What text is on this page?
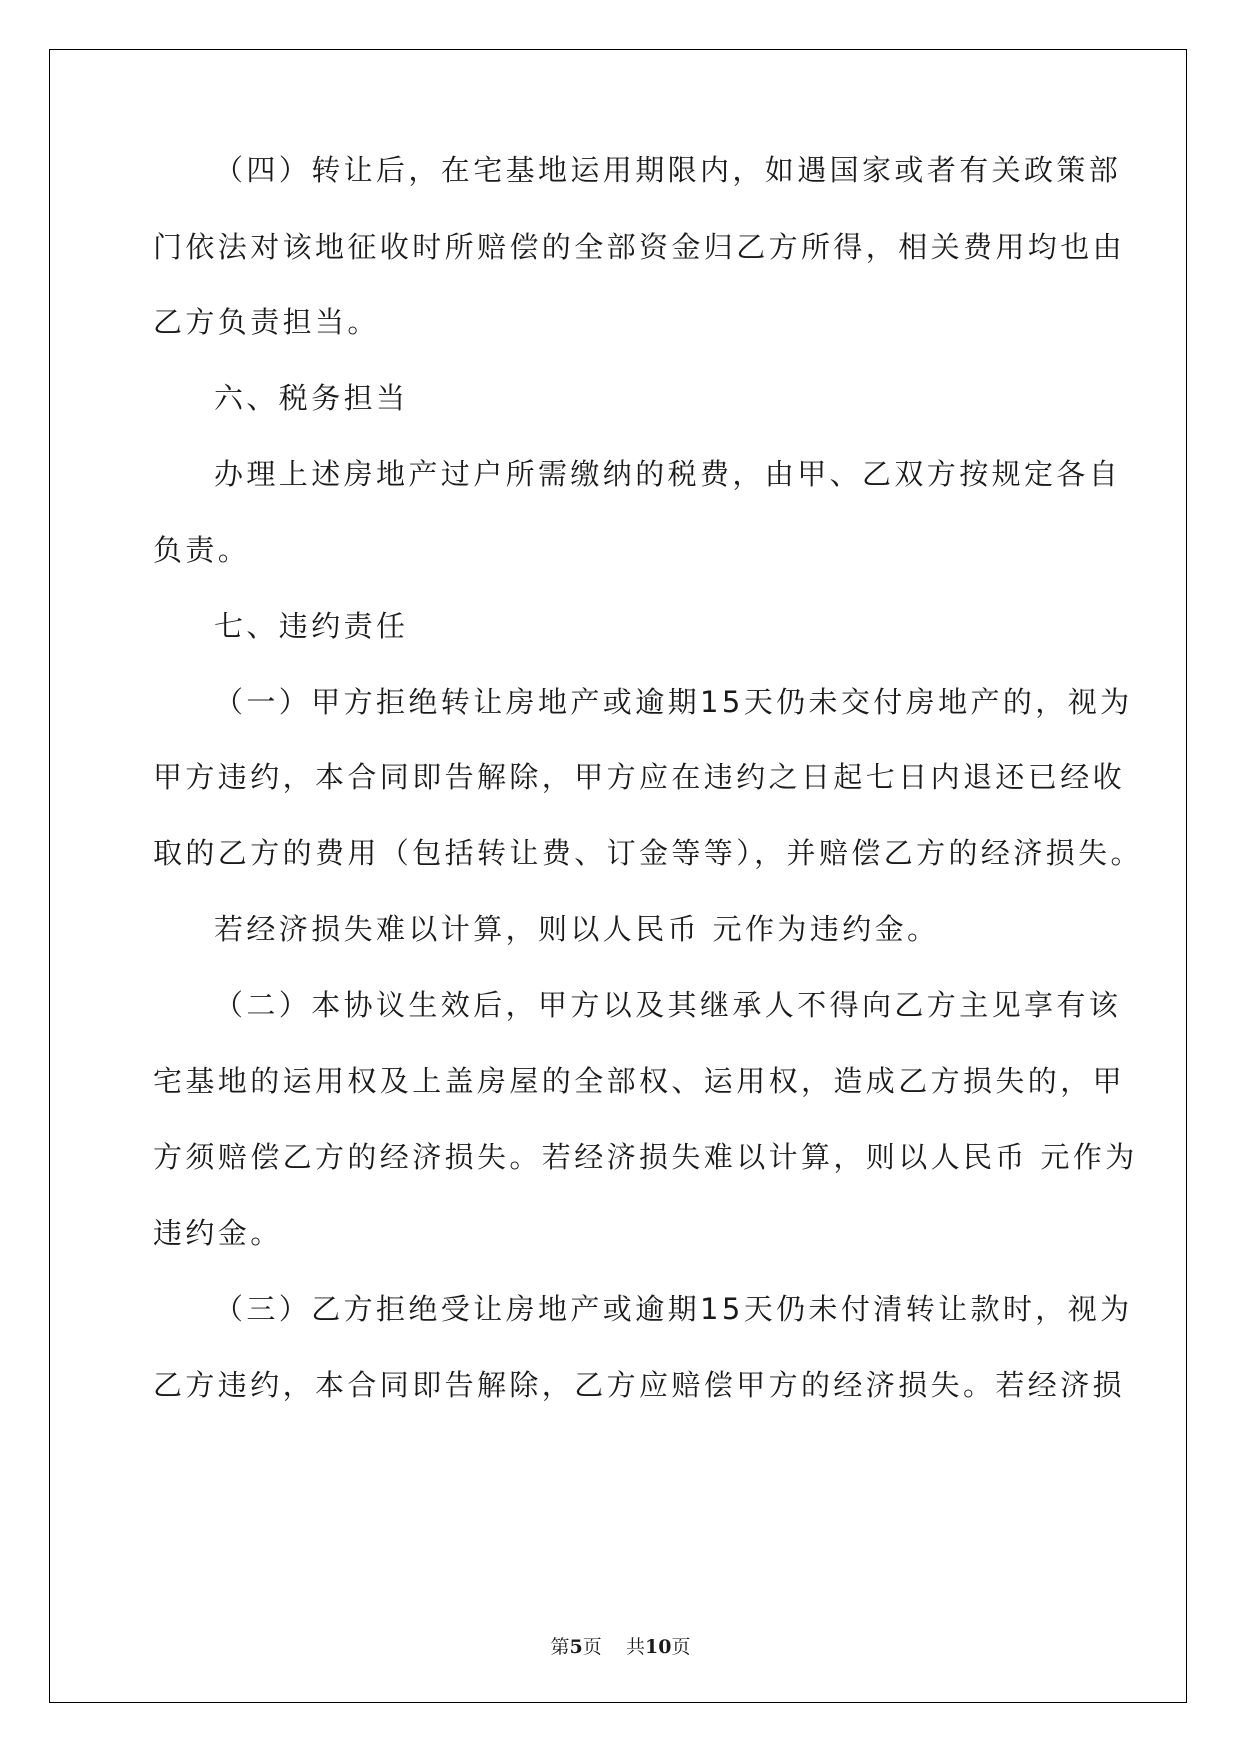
（四）转让后，在宅基地运用期限内，如遇国家或者有关政策部

门依法对该地征收时所赔偿的全部资金归乙方所得，相关费用均也由

乙方负责担当。

六、税务担当

办理上述房地产过户所需缴纳的税费，由甲、乙双方按规定各自

负责。

七、违约责任

（一）甲方拒绝转让房地产或逾期15天仍未交付房地产的，视为

甲方违约，本合同即告解除，甲方应在违约之日起七日内退还已经收

取的乙方的费用（包括转让费、订金等等），并赔偿乙方的经济损失。

若经济损失难以计算，则以人民币 元作为违约金。

（二）本协议生效后，甲方以及其继承人不得向乙方主见享有该

宅基地的运用权及上盖房屋的全部权、运用权，造成乙方损失的，甲

方须赔偿乙方的经济损失。若经济损失难以计算，则以人民币 元作为

违约金。

（三）乙方拒绝受让房地产或逾期15天仍未付清转让款时，视为

乙方违约，本合同即告解除，乙方应赔偿甲方的经济损失。若经济损

第5页 共10页
